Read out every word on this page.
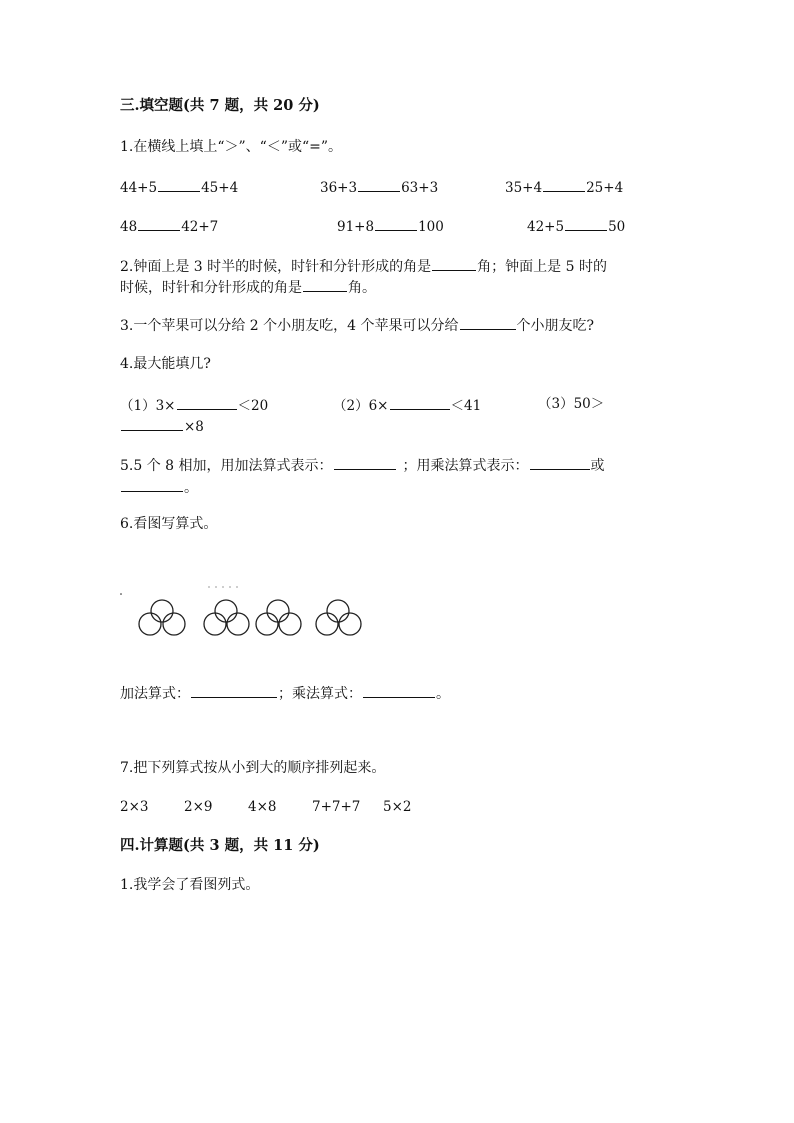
三.填空题(共 7 题，共 20 分)
1.在横线上填上“＞”、“＜”或“=”。
44+5	45+4	36+3	63+3	35+4	25+4
48	42+7	91+8	100	42+5	50
2.钟面上是 3 时半的时候，时针和分针形成的角是	角；钟面上是 5 时的
时候，时针和分针形成的角是	角。
3.一个苹果可以分给 2 个小朋友吃，4 个苹果可以分给	个小朋友吃?
4.最大能填几?
（1）3×	＜20	（2）6×	＜41	（3）50＞
×8
5.5 个 8 相加，用加法算式表示：	；用乘法算式表示：	或
。
6.看图写算式。
加法算式：	；乘法算式：	。
7.把下列算式按从小到大的顺序排列起来。
2×3	2×9	4×8	7+7+7 5×2
四.计算题(共 3 题，共 11 分)
1.我学会了看图列式。
